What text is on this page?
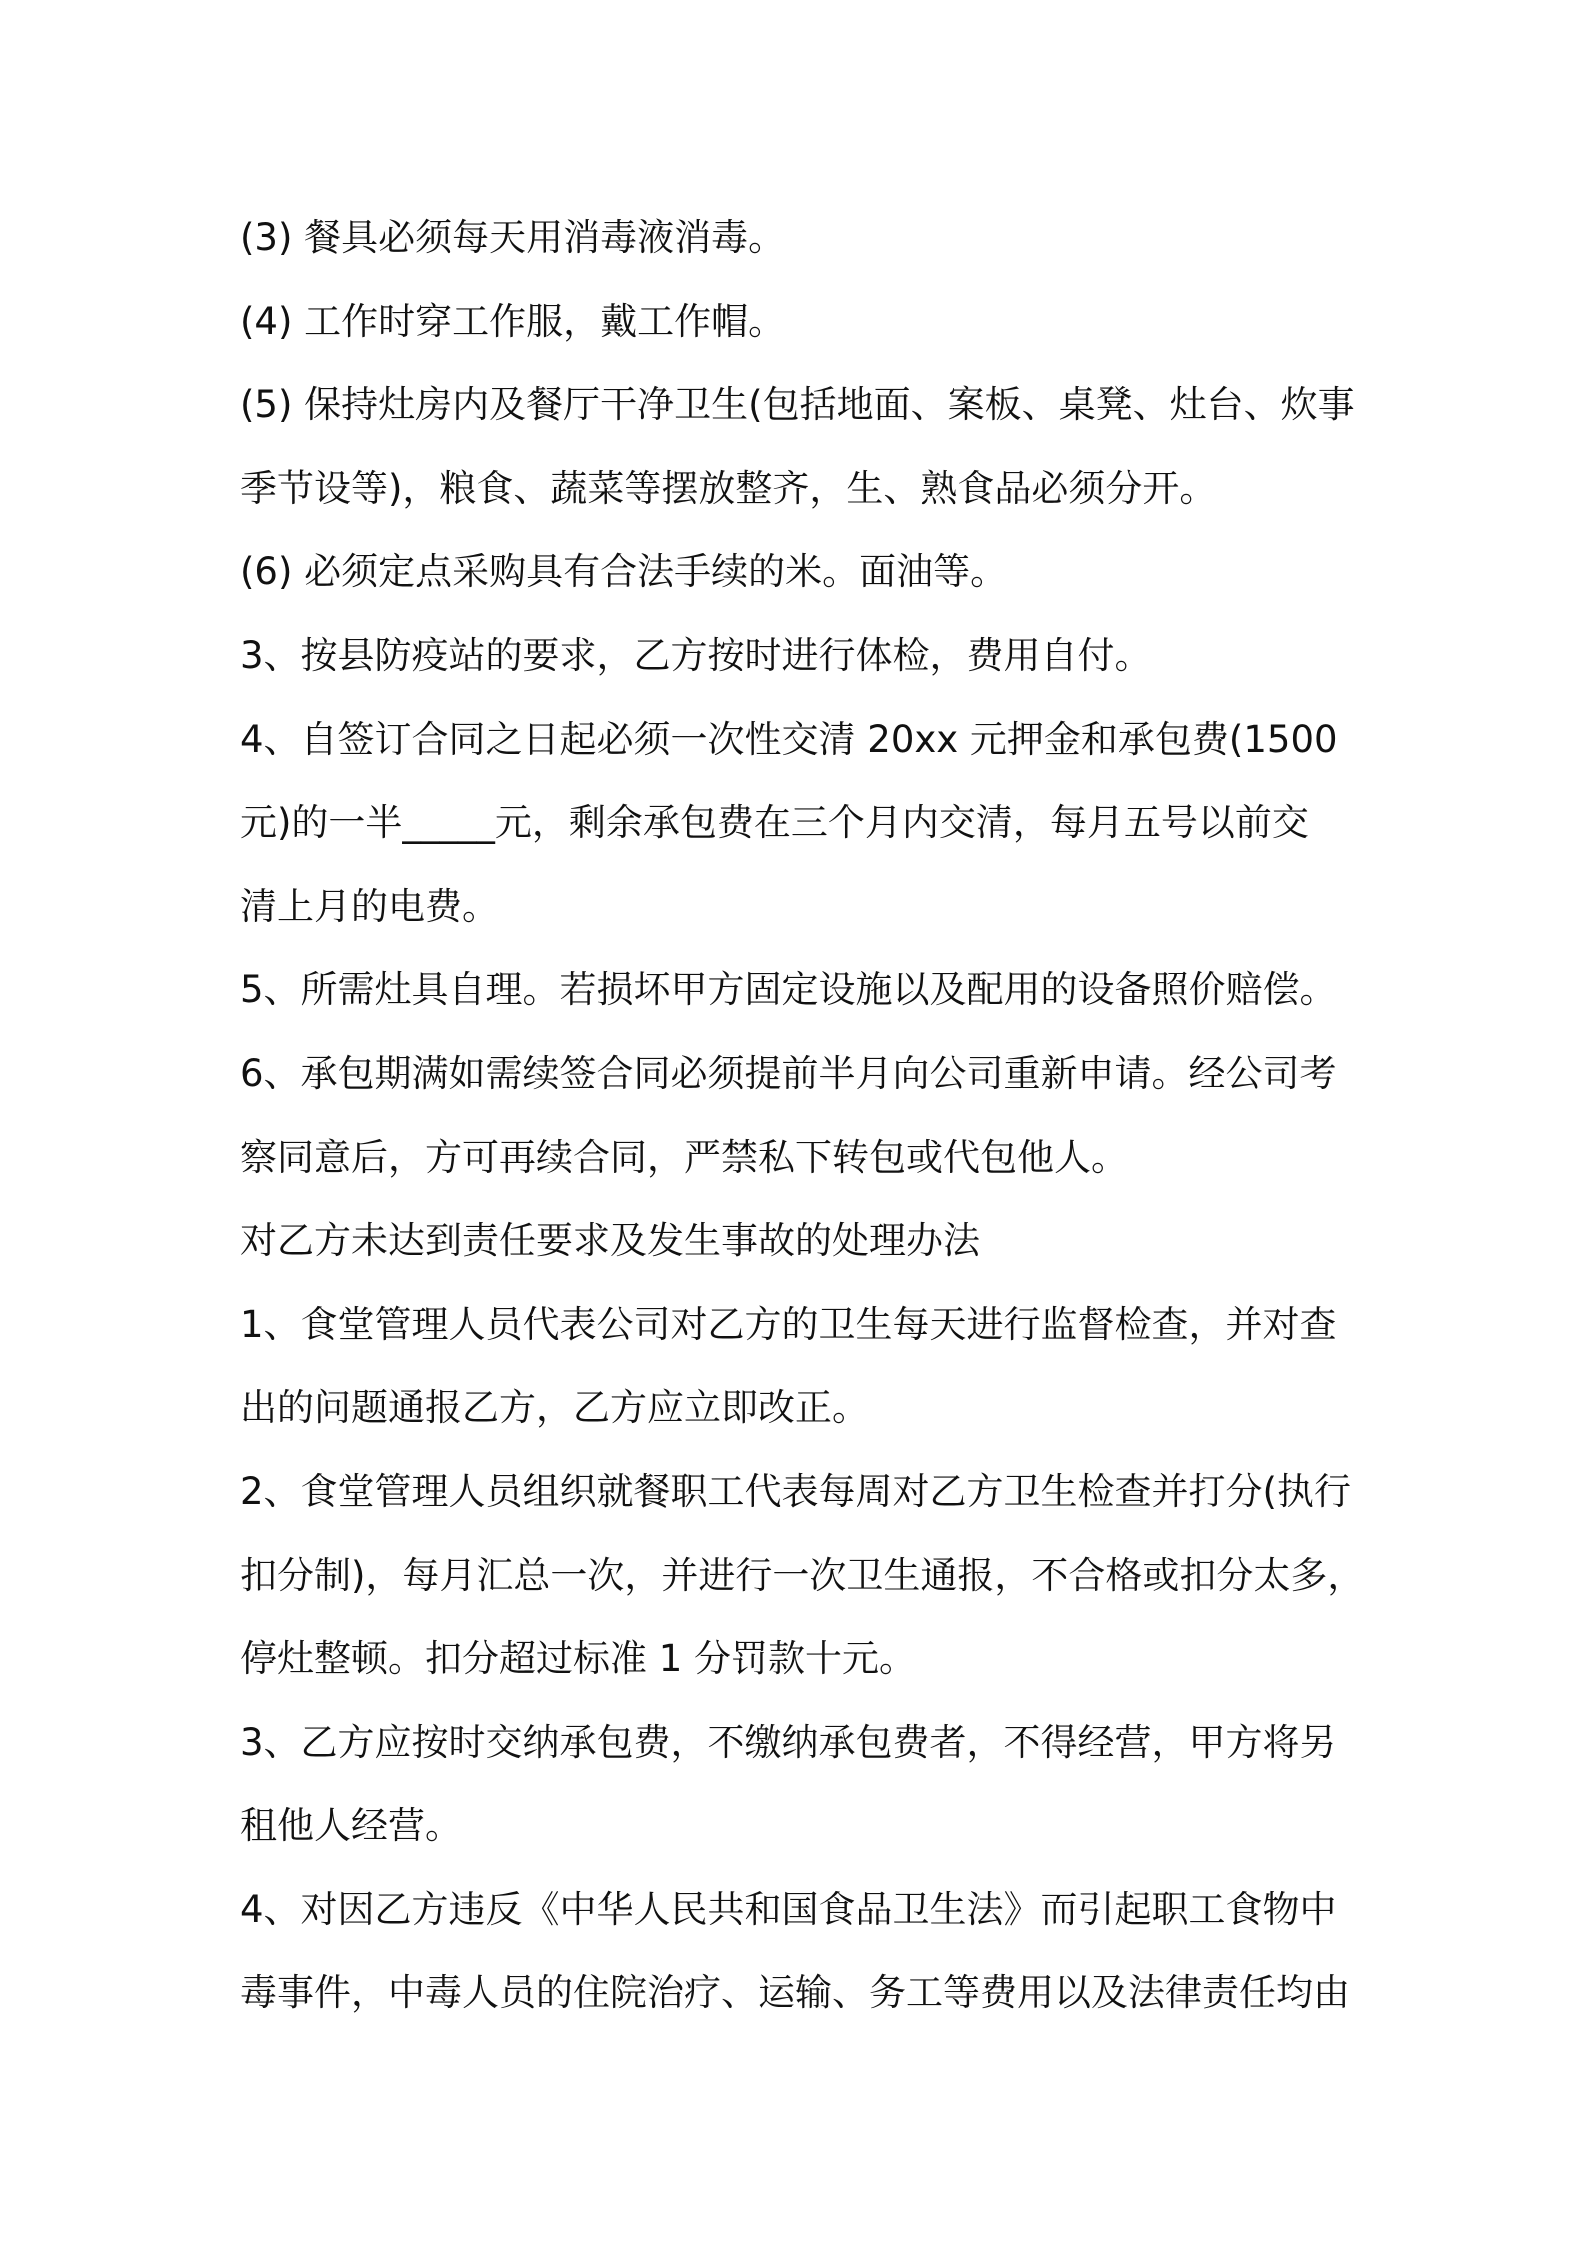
(3) 餐具必须每天用消毒液消毒。

(4) 工作时穿工作服，戴工作帽。

(5) 保持灶房内及餐厅干净卫生(包括地面、案板、桌凳、灶台、炊事
季节设等)，粮食、蔬菜等摆放整齐，生、熟食品必须分开。

(6) 必须定点采购具有合法手续的米。面油等。

3、按县防疫站的要求，乙方按时进行体检，费用自付。

4、自签订合同之日起必须一次性交清 20xx 元押金和承包费(1500
元)的一半_____元，剩余承包费在三个月内交清，每月五号以前交
清上月的电费。

5、所需灶具自理。若损坏甲方固定设施以及配用的设备照价赔偿。

6、承包期满如需续签合同必须提前半月向公司重新申请。经公司考
察同意后，方可再续合同，严禁私下转包或代包他人。

对乙方未达到责任要求及发生事故的处理办法

1、食堂管理人员代表公司对乙方的卫生每天进行监督检查，并对查
出的问题通报乙方，乙方应立即改正。

2、食堂管理人员组织就餐职工代表每周对乙方卫生检查并打分(执行
扣分制)，每月汇总一次，并进行一次卫生通报，不合格或扣分太多，
停灶整顿。扣分超过标准 1 分罚款十元。

3、乙方应按时交纳承包费，不缴纳承包费者，不得经营，甲方将另
租他人经营。

4、对因乙方违反《中华人民共和国食品卫生法》而引起职工食物中
毒事件，中毒人员的住院治疗、运输、务工等费用以及法律责任均由
